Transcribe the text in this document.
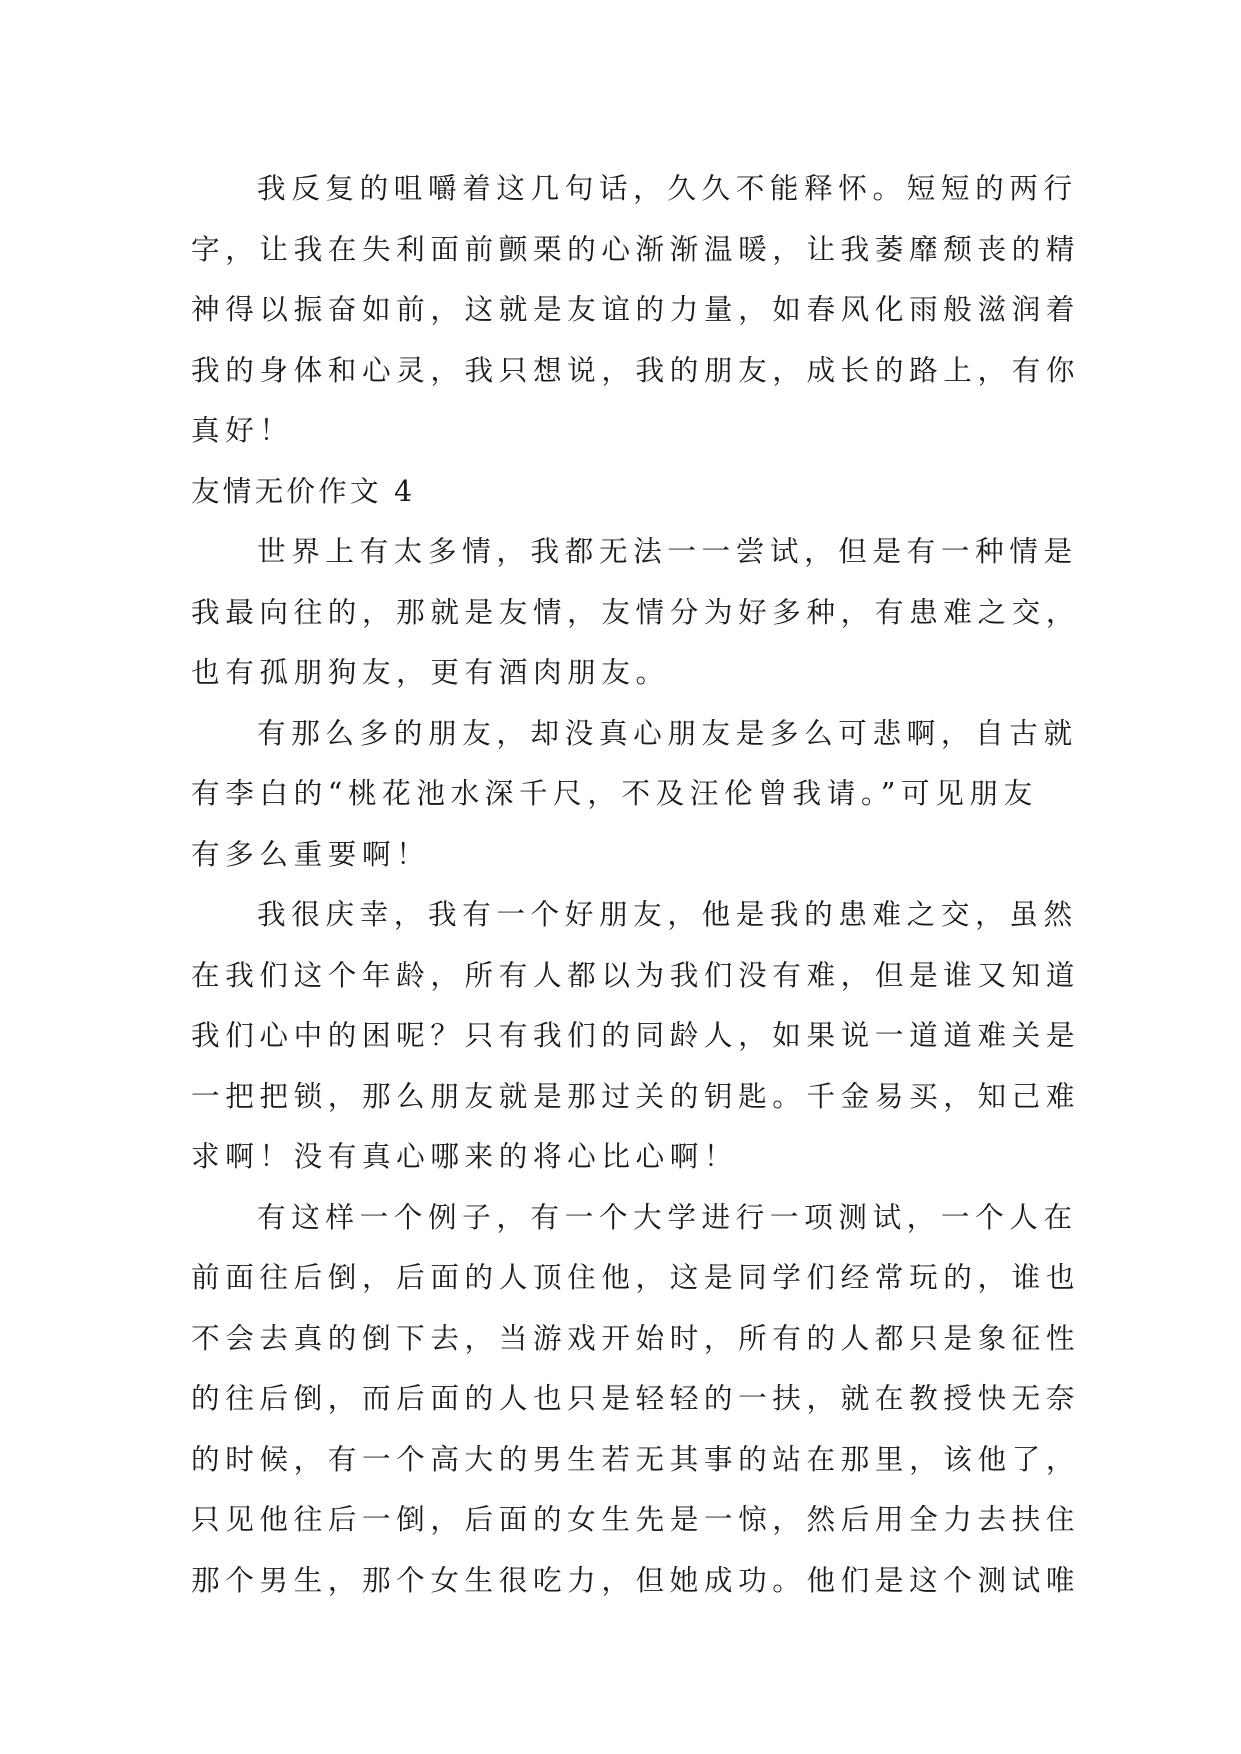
我反复的咀嚼着这几句话，久久不能释怀。短短的两行
字，让我在失利面前颤栗的心渐渐温暖，让我萎靡颓丧的精
神得以振奋如前，这就是友谊的力量，如春风化雨般滋润着
我的身体和心灵，我只想说，我的朋友，成长的路上，有你
真好！
友情无价作文 4
世界上有太多情，我都无法一一尝试，但是有一种情是
我最向往的，那就是友情，友情分为好多种，有患难之交，
也有孤朋狗友，更有酒肉朋友。
有那么多的朋友，却没真心朋友是多么可悲啊，自古就
有李白的“桃花池水深千尺，不及汪伦曾我请。”可见朋友
有多么重要啊！
我很庆幸，我有一个好朋友，他是我的患难之交，虽然
在我们这个年龄，所有人都以为我们没有难，但是谁又知道
我们心中的困呢？只有我们的同龄人，如果说一道道难关是
一把把锁，那么朋友就是那过关的钥匙。千金易买，知己难
求啊！没有真心哪来的将心比心啊！
有这样一个例子，有一个大学进行一项测试，一个人在
前面往后倒，后面的人顶住他，这是同学们经常玩的，谁也
不会去真的倒下去，当游戏开始时，所有的人都只是象征性
的往后倒，而后面的人也只是轻轻的一扶，就在教授快无奈
的时候，有一个高大的男生若无其事的站在那里，该他了，
只见他往后一倒，后面的女生先是一惊，然后用全力去扶住
那个男生，那个女生很吃力，但她成功。他们是这个测试唯
